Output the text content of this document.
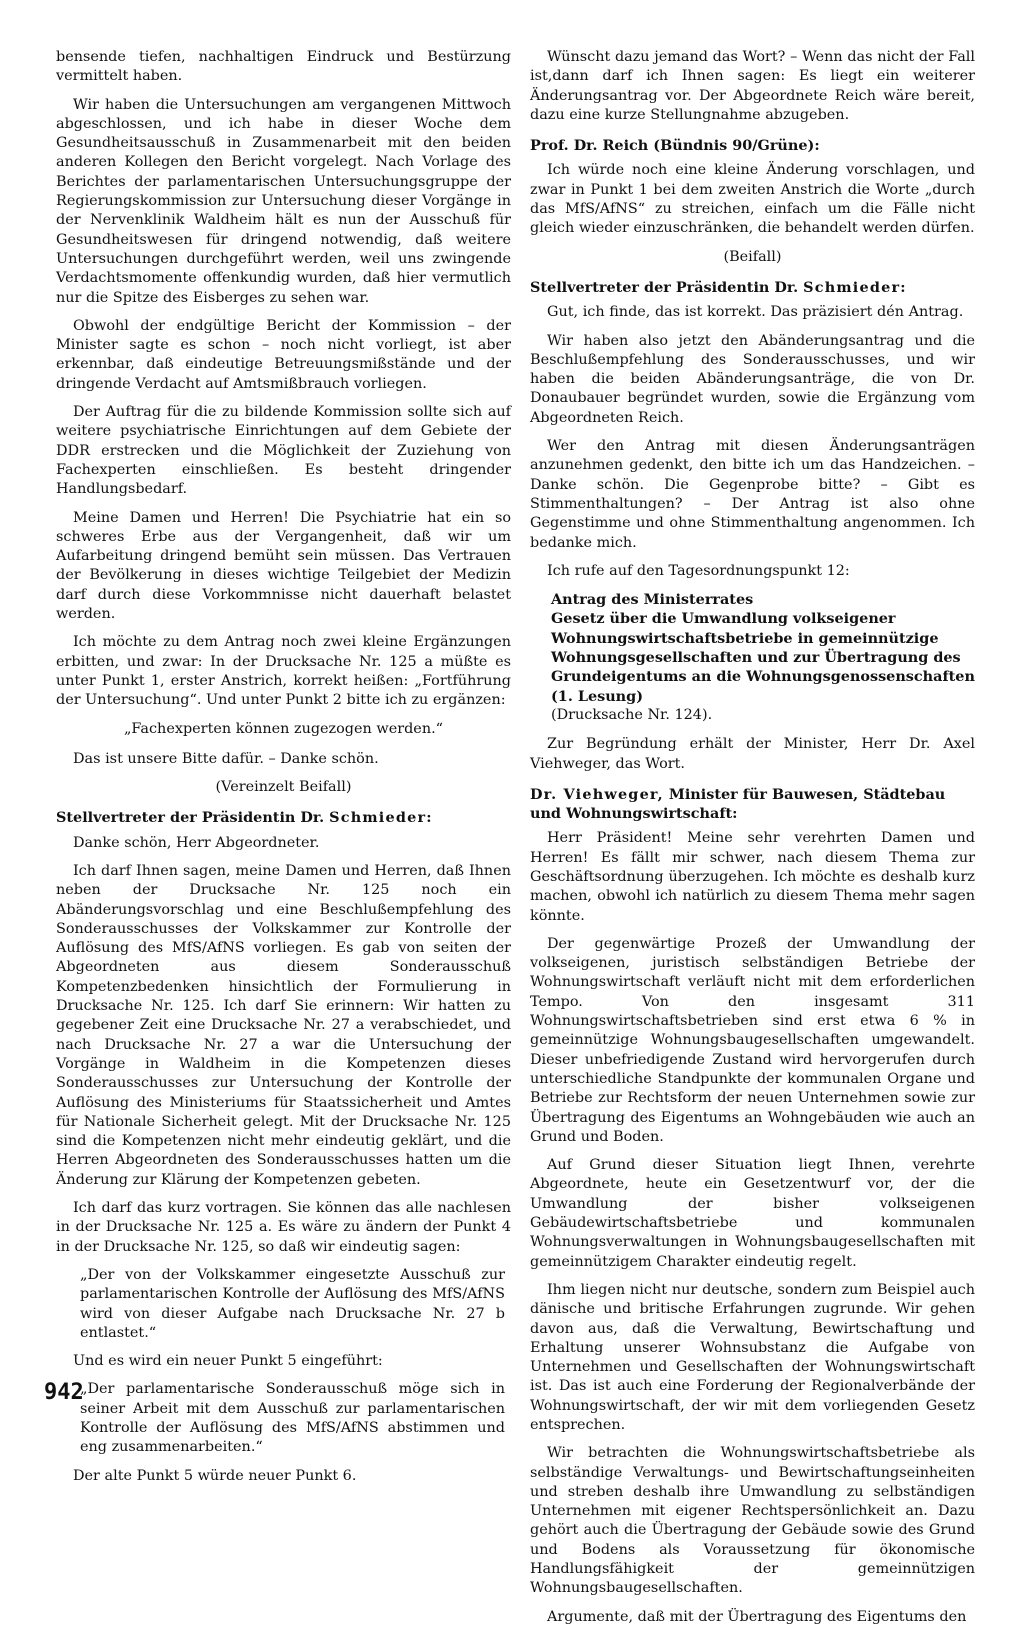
bensende tiefen, nachhaltigen Eindruck und Bestürzung vermittelt haben.

Wir haben die Untersuchungen am vergangenen Mittwoch abgeschlossen, und ich habe in dieser Woche dem Gesundheitsausschuß in Zusammenarbeit mit den beiden anderen Kollegen den Bericht vorgelegt. Nach Vorlage des Berichtes der parlamentarischen Untersuchungsgruppe der Regierungskommission zur Untersuchung dieser Vorgänge in der Nervenklinik Waldheim hält es nun der Ausschuß für Gesundheitswesen für dringend notwendig, daß weitere Untersuchungen durchgeführt werden, weil uns zwingende Verdachtsmomente offenkundig wurden, daß hier vermutlich nur die Spitze des Eisberges zu sehen war.

Obwohl der endgültige Bericht der Kommission – der Minister sagte es schon – noch nicht vorliegt, ist aber erkennbar, daß eindeutige Betreuungsmißstände und der dringende Verdacht auf Amtsmißbrauch vorliegen.

Der Auftrag für die zu bildende Kommission sollte sich auf weitere psychiatrische Einrichtungen auf dem Gebiete der DDR erstrecken und die Möglichkeit der Zuziehung von Fachexperten einschließen. Es besteht dringender Handlungsbedarf.

Meine Damen und Herren! Die Psychiatrie hat ein so schweres Erbe aus der Vergangenheit, daß wir um Aufarbeitung dringend bemüht sein müssen. Das Vertrauen der Bevölkerung in dieses wichtige Teilgebiet der Medizin darf durch diese Vorkommnisse nicht dauerhaft belastet werden.

Ich möchte zu dem Antrag noch zwei kleine Ergänzungen erbitten, und zwar: In der Drucksache Nr. 125 a müßte es unter Punkt 1, erster Anstrich, korrekt heißen: „Fortführung der Untersuchung“. Und unter Punkt 2 bitte ich zu ergänzen:

„Fachexperten können zugezogen werden.“

Das ist unsere Bitte dafür. – Danke schön.

(Vereinzelt Beifall)

Stellvertreter der Präsidentin Dr. Schmieder:

Danke schön, Herr Abgeordneter.

Ich darf Ihnen sagen, meine Damen und Herren, daß Ihnen neben der Drucksache Nr. 125 noch ein Abänderungsvorschlag und eine Beschlußempfehlung des Sonderausschusses der Volkskammer zur Kontrolle der Auflösung des MfS/AfNS vorliegen. Es gab von seiten der Abgeordneten aus diesem Sonderausschuß Kompetenzbedenken hinsichtlich der Formulierung in Drucksache Nr. 125. Ich darf Sie erinnern: Wir hatten zu gegebener Zeit eine Drucksache Nr. 27 a verabschiedet, und nach Drucksache Nr. 27 a war die Untersuchung der Vorgänge in Waldheim in die Kompetenzen dieses Sonderausschusses zur Untersuchung der Kontrolle der Auflösung des Ministeriums für Staatssicherheit und Amtes für Nationale Sicherheit gelegt. Mit der Drucksache Nr. 125 sind die Kompetenzen nicht mehr eindeutig geklärt, und die Herren Abgeordneten des Sonderausschusses hatten um die Änderung zur Klärung der Kompetenzen gebeten.

Ich darf das kurz vortragen. Sie können das alle nachlesen in der Drucksache Nr. 125 a. Es wäre zu ändern der Punkt 4 in der Drucksache Nr. 125, so daß wir eindeutig sagen:

„Der von der Volkskammer eingesetzte Ausschuß zur parlamentarischen Kontrolle der Auflösung des MfS/AfNS wird von dieser Aufgabe nach Drucksache Nr. 27 b entlastet.“

Und es wird ein neuer Punkt 5 eingeführt:

„Der parlamentarische Sonderausschuß möge sich in seiner Arbeit mit dem Ausschuß zur parlamentarischen Kontrolle der Auflösung des MfS/AfNS abstimmen und eng zusammenarbeiten.“

Der alte Punkt 5 würde neuer Punkt 6.

Wünscht dazu jemand das Wort? – Wenn das nicht der Fall ist,dann darf ich Ihnen sagen: Es liegt ein weiterer Änderungsantrag vor. Der Abgeordnete Reich wäre bereit, dazu eine kurze Stellungnahme abzugeben.

Prof. Dr. Reich (Bündnis 90/Grüne):

Ich würde noch eine kleine Änderung vorschlagen, und zwar in Punkt 1 bei dem zweiten Anstrich die Worte „durch das MfS/AfNS“ zu streichen, einfach um die Fälle nicht gleich wieder einzuschränken, die behandelt werden dürfen.

(Beifall)

Stellvertreter der Präsidentin Dr. Schmieder:

Gut, ich finde, das ist korrekt. Das präzisiert dén Antrag.

Wir haben also jetzt den Abänderungsantrag und die Beschlußempfehlung des Sonderausschusses, und wir haben die beiden Abänderungsanträge, die von Dr. Donaubauer begründet wurden, sowie die Ergänzung vom Abgeordneten Reich.

Wer den Antrag mit diesen Änderungsanträgen anzunehmen gedenkt, den bitte ich um das Handzeichen. – Danke schön. Die Gegenprobe bitte? – Gibt es Stimmenthaltungen? – Der Antrag ist also ohne Gegenstimme und ohne Stimmenthaltung angenommen. Ich bedanke mich.

Ich rufe auf den Tagesordnungspunkt 12:

Antrag des Ministerrates
Gesetz über die Umwandlung volkseigener Wohnungswirtschaftsbetriebe in gemeinnützige Wohnungsgesellschaften und zur Übertragung des Grundeigentums an die Wohnungsgenossenschaften
(1. Lesung)
(Drucksache Nr. 124).

Zur Begründung erhält der Minister, Herr Dr. Axel Viehweger, das Wort.

Dr. Viehweger, Minister für Bauwesen, Städtebau und Wohnungswirtschaft:

Herr Präsident! Meine sehr verehrten Damen und Herren! Es fällt mir schwer, nach diesem Thema zur Geschäftsordnung überzugehen. Ich möchte es deshalb kurz machen, obwohl ich natürlich zu diesem Thema mehr sagen könnte.

Der gegenwärtige Prozeß der Umwandlung der volkseigenen, juristisch selbständigen Betriebe der Wohnungswirtschaft verläuft nicht mit dem erforderlichen Tempo. Von den insgesamt 311 Wohnungswirtschaftsbetrieben sind erst etwa 6 % in gemeinnützige Wohnungsbaugesellschaften umgewandelt. Dieser unbefriedigende Zustand wird hervorgerufen durch unterschiedliche Standpunkte der kommunalen Organe und Betriebe zur Rechtsform der neuen Unternehmen sowie zur Übertragung des Eigentums an Wohngebäuden wie auch an Grund und Boden.

Auf Grund dieser Situation liegt Ihnen, verehrte Abgeordnete, heute ein Gesetzentwurf vor, der die Umwandlung der bisher volkseigenen Gebäudewirtschaftsbetriebe und kommunalen Wohnungsverwaltungen in Wohnungsbaugesellschaften mit gemeinnützigem Charakter eindeutig regelt.

Ihm liegen nicht nur deutsche, sondern zum Beispiel auch dänische und britische Erfahrungen zugrunde. Wir gehen davon aus, daß die Verwaltung, Bewirtschaftung und Erhaltung unserer Wohnsubstanz die Aufgabe von Unternehmen und Gesellschaften der Wohnungswirtschaft ist. Das ist auch eine Forderung der Regionalverbände der Wohnungswirtschaft, der wir mit dem vorliegenden Gesetz entsprechen.

Wir betrachten die Wohnungswirtschaftsbetriebe als selbständige Verwaltungs- und Bewirtschaftungseinheiten und streben deshalb ihre Umwandlung zu selbständigen Unternehmen mit eigener Rechtspersönlichkeit an. Dazu gehört auch die Übertragung der Gebäude sowie des Grund und Bodens als Voraussetzung für ökonomische Handlungsfähigkeit der gemeinnützigen Wohnungsbaugesellschaften.

Argumente, daß mit der Übertragung des Eigentums den

942
